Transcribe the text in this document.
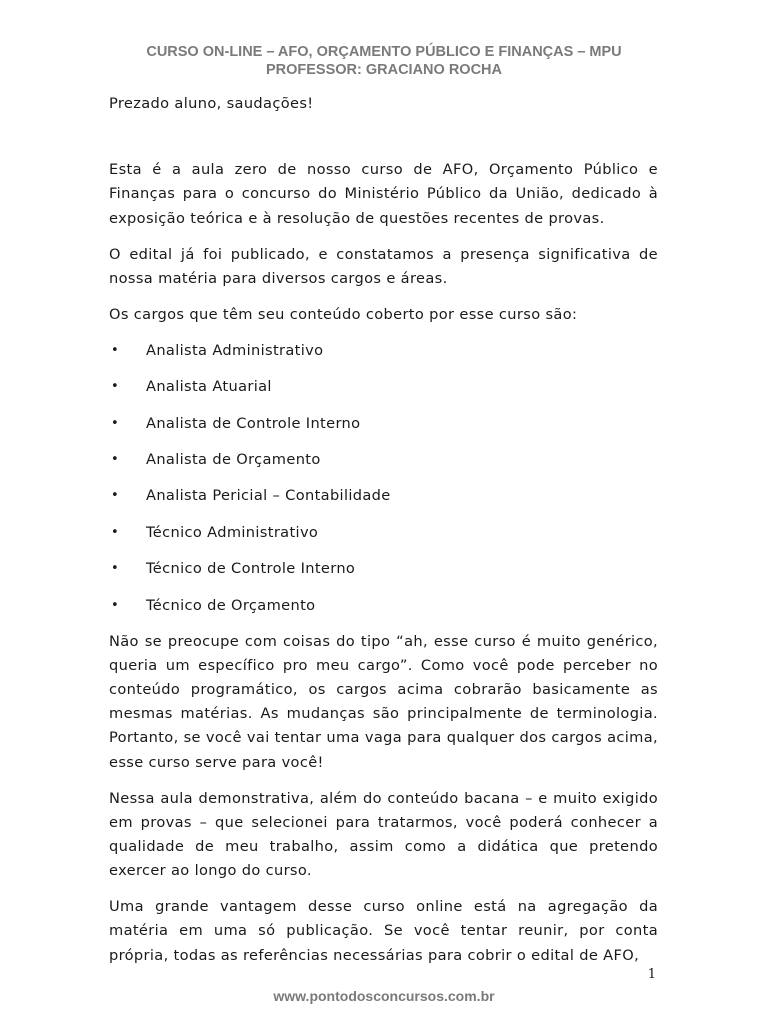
CURSO ON-LINE – AFO, ORÇAMENTO PÚBLICO E FINANÇAS – MPU
PROFESSOR: GRACIANO ROCHA

Prezado aluno, saudações!

Esta é a aula zero de nosso curso de AFO, Orçamento Público e Finanças para o concurso do Ministério Público da União, dedicado à exposição teórica e à resolução de questões recentes de provas.

O edital já foi publicado, e constatamos a presença significativa de nossa matéria para diversos cargos e áreas.

Os cargos que têm seu conteúdo coberto por esse curso são:

• Analista Administrativo
• Analista Atuarial
• Analista de Controle Interno
• Analista de Orçamento
• Analista Pericial – Contabilidade
• Técnico Administrativo
• Técnico de Controle Interno
• Técnico de Orçamento

Não se preocupe com coisas do tipo “ah, esse curso é muito genérico, queria um específico pro meu cargo”. Como você pode perceber no conteúdo programático, os cargos acima cobrarão basicamente as mesmas matérias. As mudanças são principalmente de terminologia. Portanto, se você vai tentar uma vaga para qualquer dos cargos acima, esse curso serve para você!

Nessa aula demonstrativa, além do conteúdo bacana – e muito exigido em provas – que selecionei para tratarmos, você poderá conhecer a qualidade de meu trabalho, assim como a didática que pretendo exercer ao longo do curso.

Uma grande vantagem desse curso online está na agregação da matéria em uma só publicação. Se você tentar reunir, por conta própria, todas as referências necessárias para cobrir o edital de AFO,

1
www.pontodosconcursos.com.br
